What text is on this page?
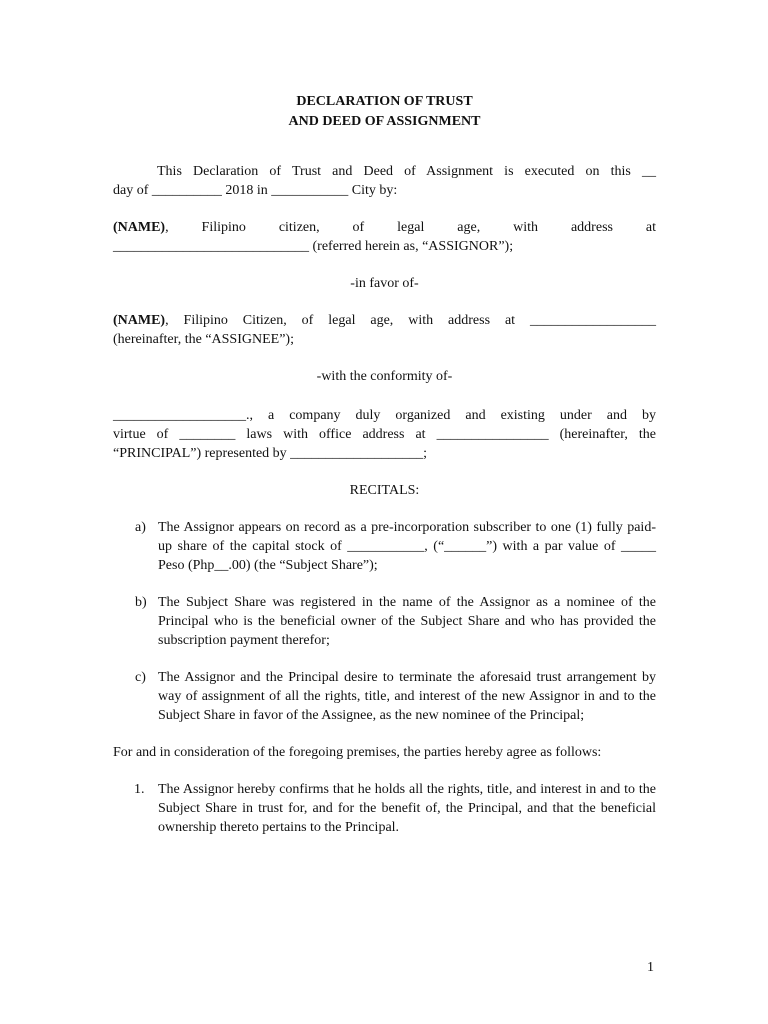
DECLARATION OF TRUST
AND DEED OF ASSIGNMENT

This Declaration of Trust and Deed of Assignment is executed on this __

day of __________ 2018 in ___________ City by:

(NAME), Filipino citizen, of legal age, with address at

____________________________ (referred herein as, “ASSIGNOR”);

-in favor of-

(NAME), Filipino Citizen, of legal age, with address at __________________

(hereinafter, the “ASSIGNEE”);

-with the conformity of-

___________________., a company duly organized and existing under and by

virtue of ________ laws with office address at ________________ (hereinafter, the

“PRINCIPAL”) represented by ___________________;

RECITALS:

a) The Assignor appears on record as a pre-incorporation subscriber to one (1) fully paid-up share of the capital stock of ___________, (“______”) with a par value of _____ Peso (Php__.00) (the “Subject Share”);

b) The Subject Share was registered in the name of the Assignor as a nominee of the Principal who is the beneficial owner of the Subject Share and who has provided the subscription payment therefor;

c) The Assignor and the Principal desire to terminate the aforesaid trust arrangement by way of assignment of all the rights, title, and interest of the new Assignor in and to the Subject Share in favor of the Assignee, as the new nominee of the Principal;

For and in consideration of the foregoing premises, the parties hereby agree as follows:

1. The Assignor hereby confirms that he holds all the rights, title, and interest in and to the Subject Share in trust for, and for the benefit of, the Principal, and that the beneficial ownership thereto pertains to the Principal.

1
